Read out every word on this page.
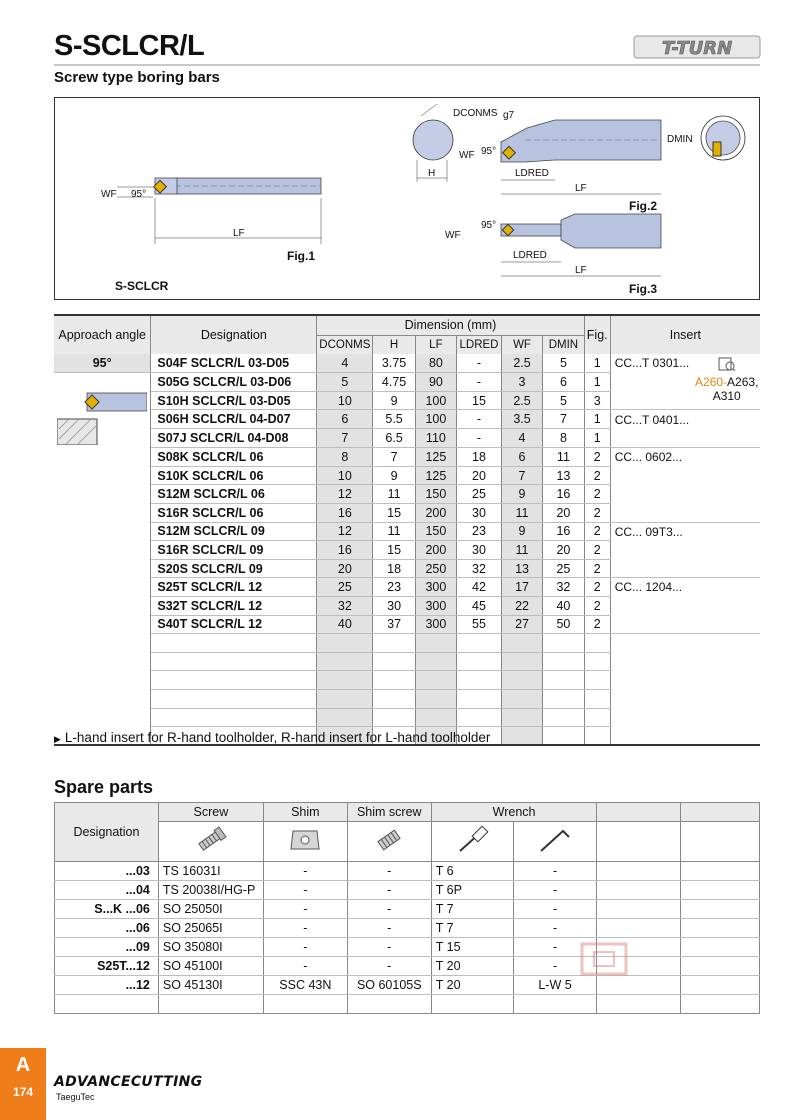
S-SCLCR/L
Screw type boring bars
T-TURN
WF 95°
LF
Fig.1
S-SCLCR
H
DCONMS g7
WF 95°
LDRED
LF
Fig.2
DMIN
WF
95°
LDRED
LF
Fig.3
Approach angle	Designation	Dimension (mm)						Fig.	Insert
		DCONMS	H	LF	LDRED	WF	DMIN		
95°	S04F SCLCR/L 03-D05	4	3.75	80	-	2.5	5	1	CC...T 0301...

A260-A263,
A310

	S05G SCLCR/L 03-D06	5	4.75	90	-	3	6	1	
	S10H SCLCR/L 03-D05	10	9	100	15	2.5	5	3	
	S06H SCLCR/L 04-D07	6	5.5	100	-	3.5	7	1	CC...T 0401...
	S07J SCLCR/L 04-D08	7	6.5	110	-	4	8	1	
	S08K SCLCR/L 06	8	7	125	18	6	11	2	CC... 0602...
	S10K SCLCR/L 06	10	9	125	20	7	13	2	
	S12M SCLCR/L 06	12	11	150	25	9	16	2	
	S16R SCLCR/L 06	16	15	200	30	11	20	2	
	S12M SCLCR/L 09	12	11	150	23	9	16	2	CC... 09T3...
	S16R SCLCR/L 09	16	15	200	30	11	20	2	
	S20S SCLCR/L 09	20	18	250	32	13	25	2	
	S25T SCLCR/L 12	25	23	300	42	17	32	2	CC... 1204...
	S32T SCLCR/L 12	32	30	300	45	22	40	2	
	S40T SCLCR/L 12	40	37	300	55	27	50	2	

▶ L-hand insert for R-hand toolholder, R-hand insert for L-hand toolholder
Spare parts
Designation	Screw	Shim	Shim screw	Wrench			

...03	TS 16031I	-	-	T 6	-		
...04	TS 20038I/HG-P	-	-	T 6P	-		
S...K ...06	SO 25050I	-	-	T 7	-		
...06	SO 25065I	-	-	T 7	-		
...09	SO 35080I	-	-	T 15	-		
S25T...12	SO 45100I	-	-	T 20	-		
...12	SO 45130I	SSC 43N	SO 60105S	T 20	L-W 5		

A
174
ADVANCECUTTING
TaeguTec
